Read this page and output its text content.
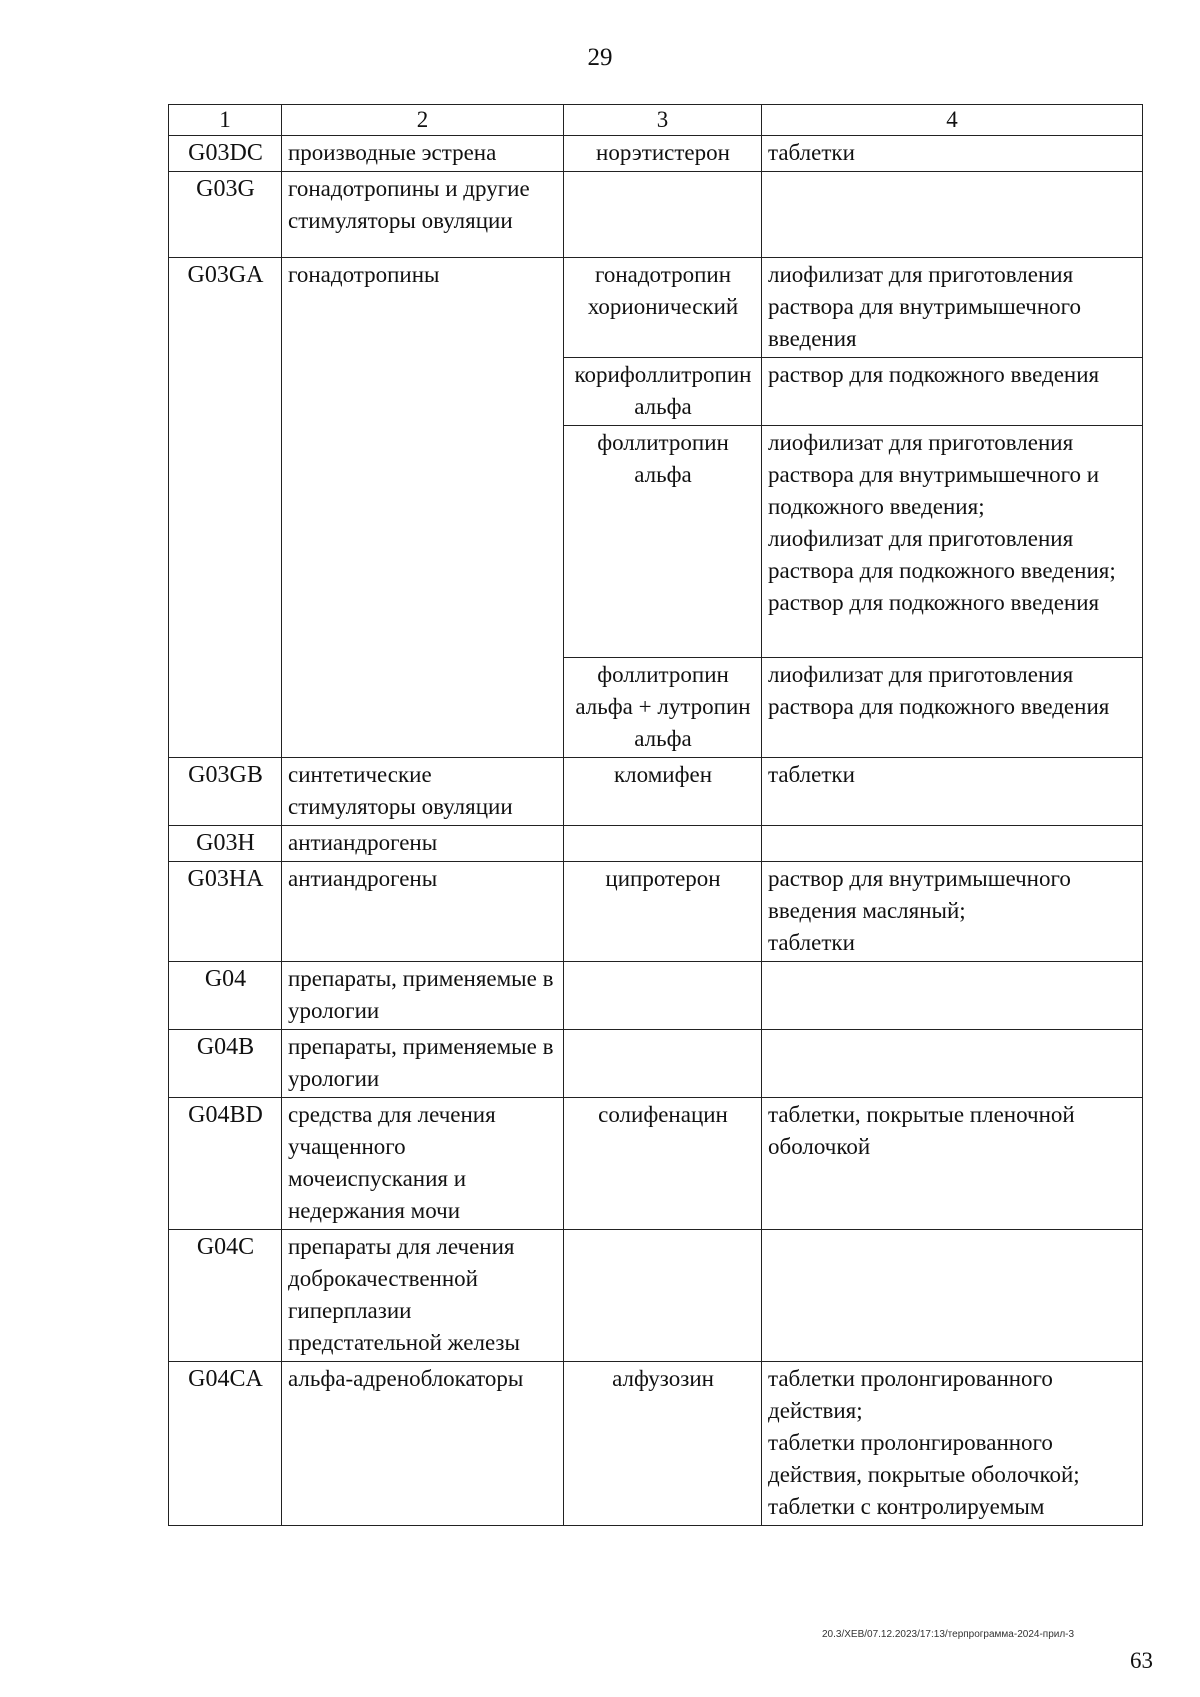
29
1	2	3	4
G03DC	производные эстрена	норэтистерон	таблетки

G03G	гонадотропины и другие стимуляторы овуляции		
G03GA	гонадотропины	гонадотропин хорионический	лиофилизат для приготовления раствора для внутримышечного введения

		корифоллитропин альфа	раствор для подкожного введения

		фоллитропин альфа	лиофилизат для приготовления раствора для внутримышечного и подкожного введения;
лиофилизат для приготовления раствора для подкожного введения;
раствор для подкожного введения

		фоллитропин альфа + лутропин альфа	лиофилизат для приготовления раствора для подкожного введения

G03GB	синтетические стимуляторы овуляции	кломифен	таблетки

G03H	антиандрогены		
G03HA	антиандрогены	ципротерон	раствор для внутримышечного введения масляный;
таблетки

G04	препараты, применяемые в урологии		
G04B	препараты, применяемые в урологии		
G04BD	средства для лечения учащенного мочеиспускания и недержания мочи	солифенацин	таблетки, покрытые пленочной оболочкой

G04C	препараты для лечения доброкачественной гиперплазии предстательной железы		
G04CA	альфа-адреноблокаторы	алфузозин	таблетки пролонгированного действия;
таблетки пролонгированного действия, покрытые оболочкой;
таблетки с контролируемым
20.3/ХЕВ/07.12.2023/17:13/терпрограмма-2024-прил-3
63
